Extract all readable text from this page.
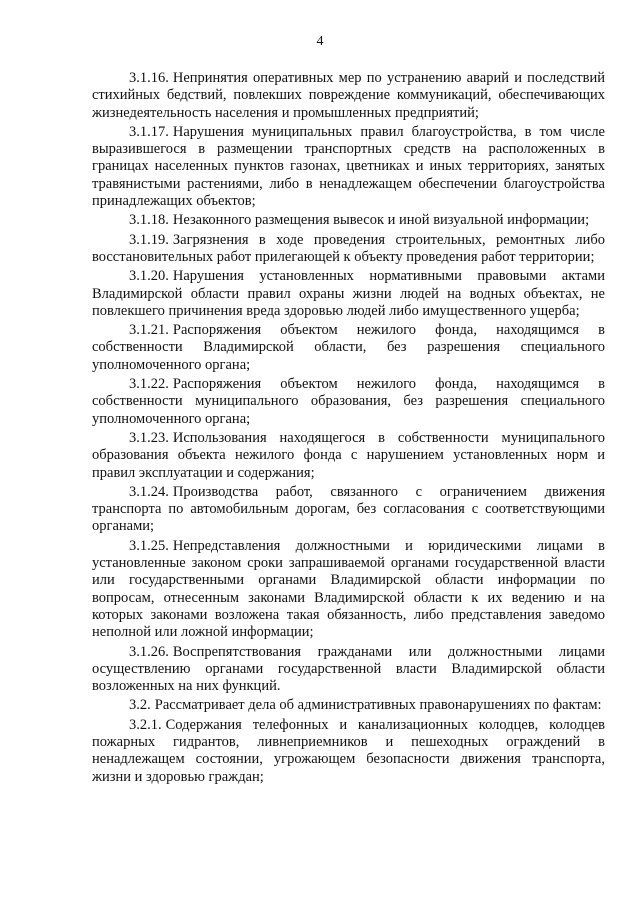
4

3.1.16. Непринятия оперативных мер по устранению аварий и последствий стихийных бедствий, повлекших повреждение коммуникаций, обеспечивающих жизнедеятельность населения и промышленных предприятий;

3.1.17. Нарушения муниципальных правил благоустройства, в том числе выразившегося в размещении транспортных средств на расположенных в границах населенных пунктов газонах, цветниках и иных территориях, занятых травянистыми растениями, либо в ненадлежащем обеспечении благоустройства принадлежащих объектов;

3.1.18. Незаконного размещения вывесок и иной визуальной информации;

3.1.19. Загрязнения в ходе проведения строительных, ремонтных либо восстановительных работ прилегающей к объекту проведения работ территории;

3.1.20. Нарушения установленных нормативными правовыми актами Владимирской области правил охраны жизни людей на водных объектах, не повлекшего причинения вреда здоровью людей либо имущественного ущерба;

3.1.21. Распоряжения объектом нежилого фонда, находящимся в собственности Владимирской области, без разрешения специального уполномоченного органа;

3.1.22. Распоряжения объектом нежилого фонда, находящимся в собственности муниципального образования, без разрешения специального уполномоченного органа;

3.1.23. Использования находящегося в собственности муниципального образования объекта нежилого фонда с нарушением установленных норм и правил эксплуатации и содержания;

3.1.24. Производства работ, связанного с ограничением движения транспорта по автомобильным дорогам, без согласования с соответствующими органами;

3.1.25. Непредставления должностными и юридическими лицами в установленные законом сроки запрашиваемой органами государственной власти или государственными органами Владимирской области информации по вопросам, отнесенным законами Владимирской области к их ведению и на которых законами возложена такая обязанность, либо представления заведомо неполной или ложной информации;

3.1.26. Воспрепятствования гражданами или должностными лицами осуществлению органами государственной власти Владимирской области возложенных на них функций.

3.2. Рассматривает дела об административных правонарушениях по фактам:

3.2.1. Содержания телефонных и канализационных колодцев, колодцев пожарных гидрантов, ливнеприемников и пешеходных ограждений в ненадлежащем состоянии, угрожающем безопасности движения транспорта, жизни и здоровью граждан;
